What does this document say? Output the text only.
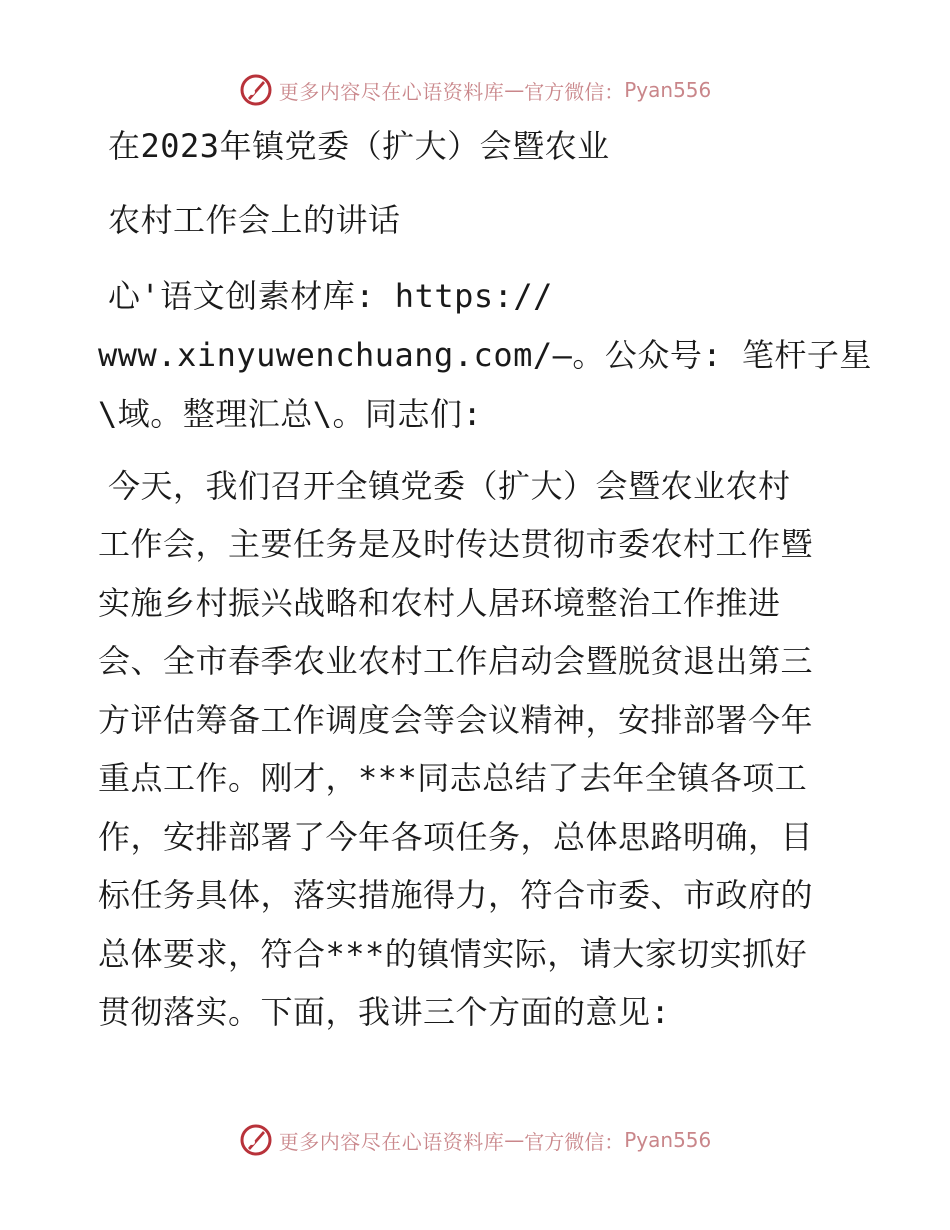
更多内容尽在心语资料库 — 官方微信： Pyan556
在2023年镇党委（扩大）会暨农业
农村工作会上的讲话
心'语文创素材库: https://
www.xinyuwenchuang.com/—。公众号: 笔杆子星
\域。整理汇总\。同志们:
今天，我们召开全镇党委（扩大）会暨农业农村
工作会，主要任务是及时传达贯彻市委农村工作暨
实施乡村振兴战略和农村人居环境整治工作推进
会、全市春季农业农村工作启动会暨脱贫退出第三
方评估筹备工作调度会等会议精神，安排部署今年
重点工作。刚才，***同志总结了去年全镇各项工
作，安排部署了今年各项任务，总体思路明确，目
标任务具体，落实措施得力，符合市委、市政府的
总体要求，符合***的镇情实际，请大家切实抓好
贯彻落实。下面，我讲三个方面的意见:
更多内容尽在心语资料库 — 官方微信： Pyan556
